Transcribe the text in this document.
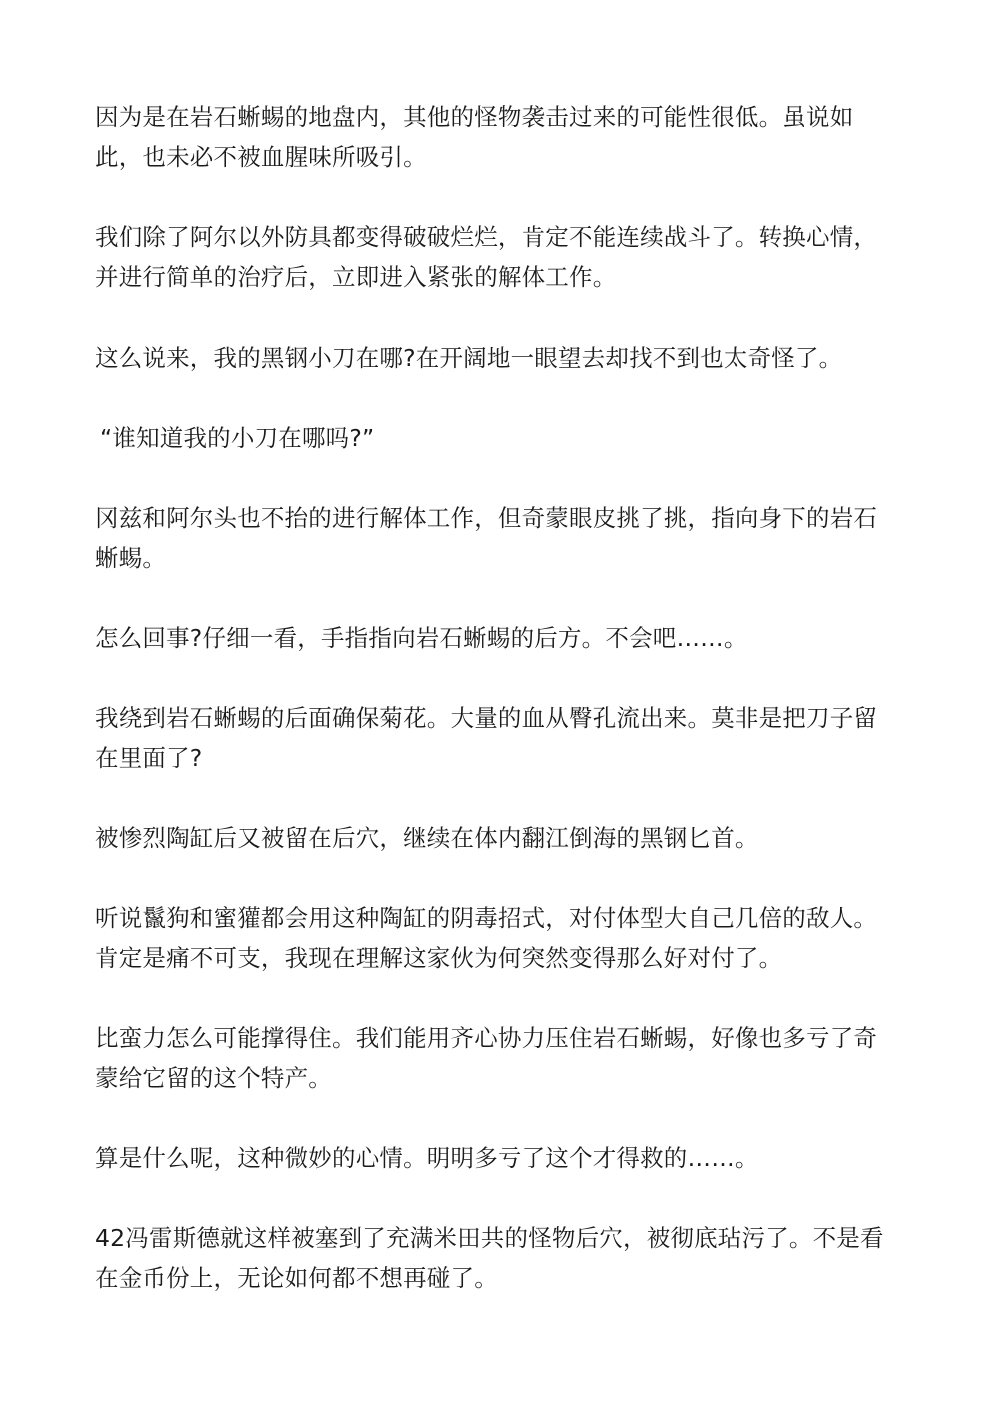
因为是在岩石蜥蜴的地盘内，其他的怪物袭击过来的可能性很低。虽说如此，也未必不被血腥味所吸引。

我们除了阿尔以外防具都变得破破烂烂，肯定不能连续战斗了。转换心情，并进行简单的治疗后，立即进入紧张的解体工作。

这么说来，我的黑钢小刀在哪?在开阔地一眼望去却找不到也太奇怪了。

“谁知道我的小刀在哪吗?”

冈兹和阿尔头也不抬的进行解体工作，但奇蒙眼皮挑了挑，指向身下的岩石蜥蜴。

怎么回事?仔细一看，手指指向岩石蜥蜴的后方。不会吧……。

我绕到岩石蜥蜴的后面确保菊花。大量的血从臀孔流出来。莫非是把刀子留在里面了?

被惨烈陶缸后又被留在后穴，继续在体内翻江倒海的黑钢匕首。

听说鬣狗和蜜獾都会用这种陶缸的阴毒招式，对付体型大自己几倍的敌人。肯定是痛不可支，我现在理解这家伙为何突然变得那么好对付了。

比蛮力怎么可能撑得住。我们能用齐心协力压住岩石蜥蜴，好像也多亏了奇蒙给它留的这个特产。

算是什么呢，这种微妙的心情。明明多亏了这个才得救的……。

42冯雷斯德就这样被塞到了充满米田共的怪物后穴，被彻底玷污了。不是看在金币份上，无论如何都不想再碰了。
